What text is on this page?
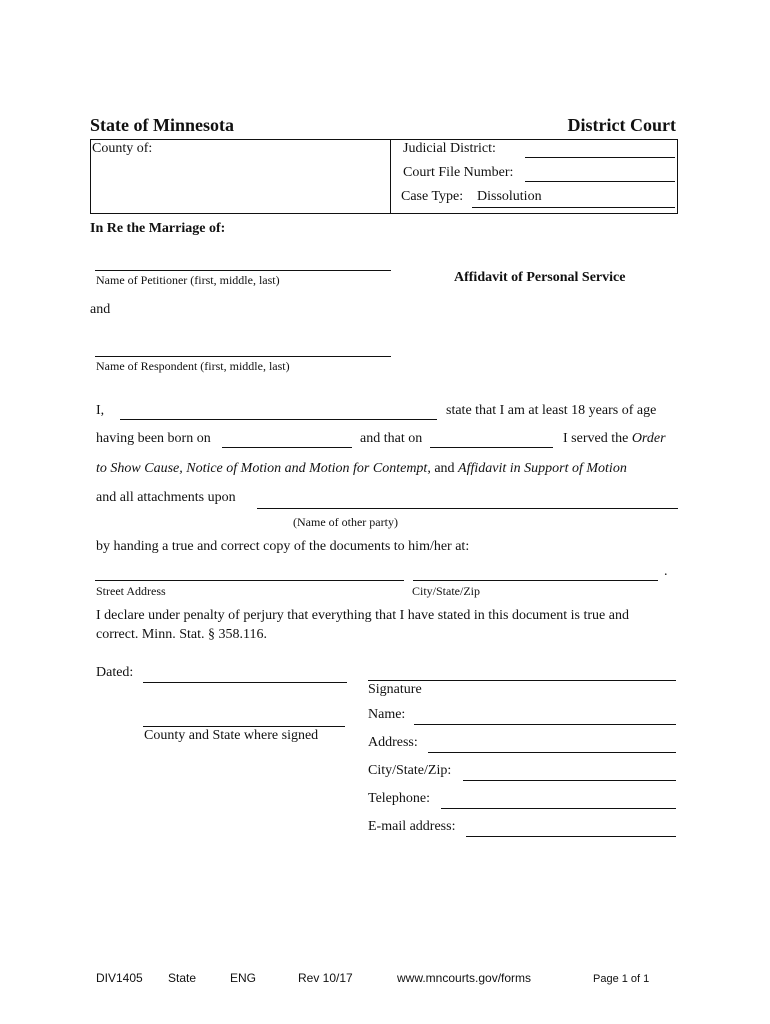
State of Minnesota	District Court
County of:	Judicial District:
Court File Number:
Case Type: Dissolution
In Re the Marriage of:
Name of Petitioner (first, middle, last)	Affidavit of Personal Service
and
Name of Respondent (first, middle, last)
I,	state that I am at least 18 years of age
having been born on	and that on	I served the Order
to Show Cause, Notice of Motion and Motion for Contempt, and Affidavit in Support of Motion
and all attachments upon
(Name of other party)
by handing a true and correct copy of the documents to him/her at:
.
Street Address	City/State/Zip
I declare under penalty of perjury that everything that I have stated in this document is true and
correct. Minn. Stat. § 358.116.
Dated:
Signature
Name:
County and State where signed	Address:
City/State/Zip:
Telephone:
E-mail address:
DIV1405 State	ENG	Rev 10/17	www.mncourts.gov/forms	Page 1 of 1
